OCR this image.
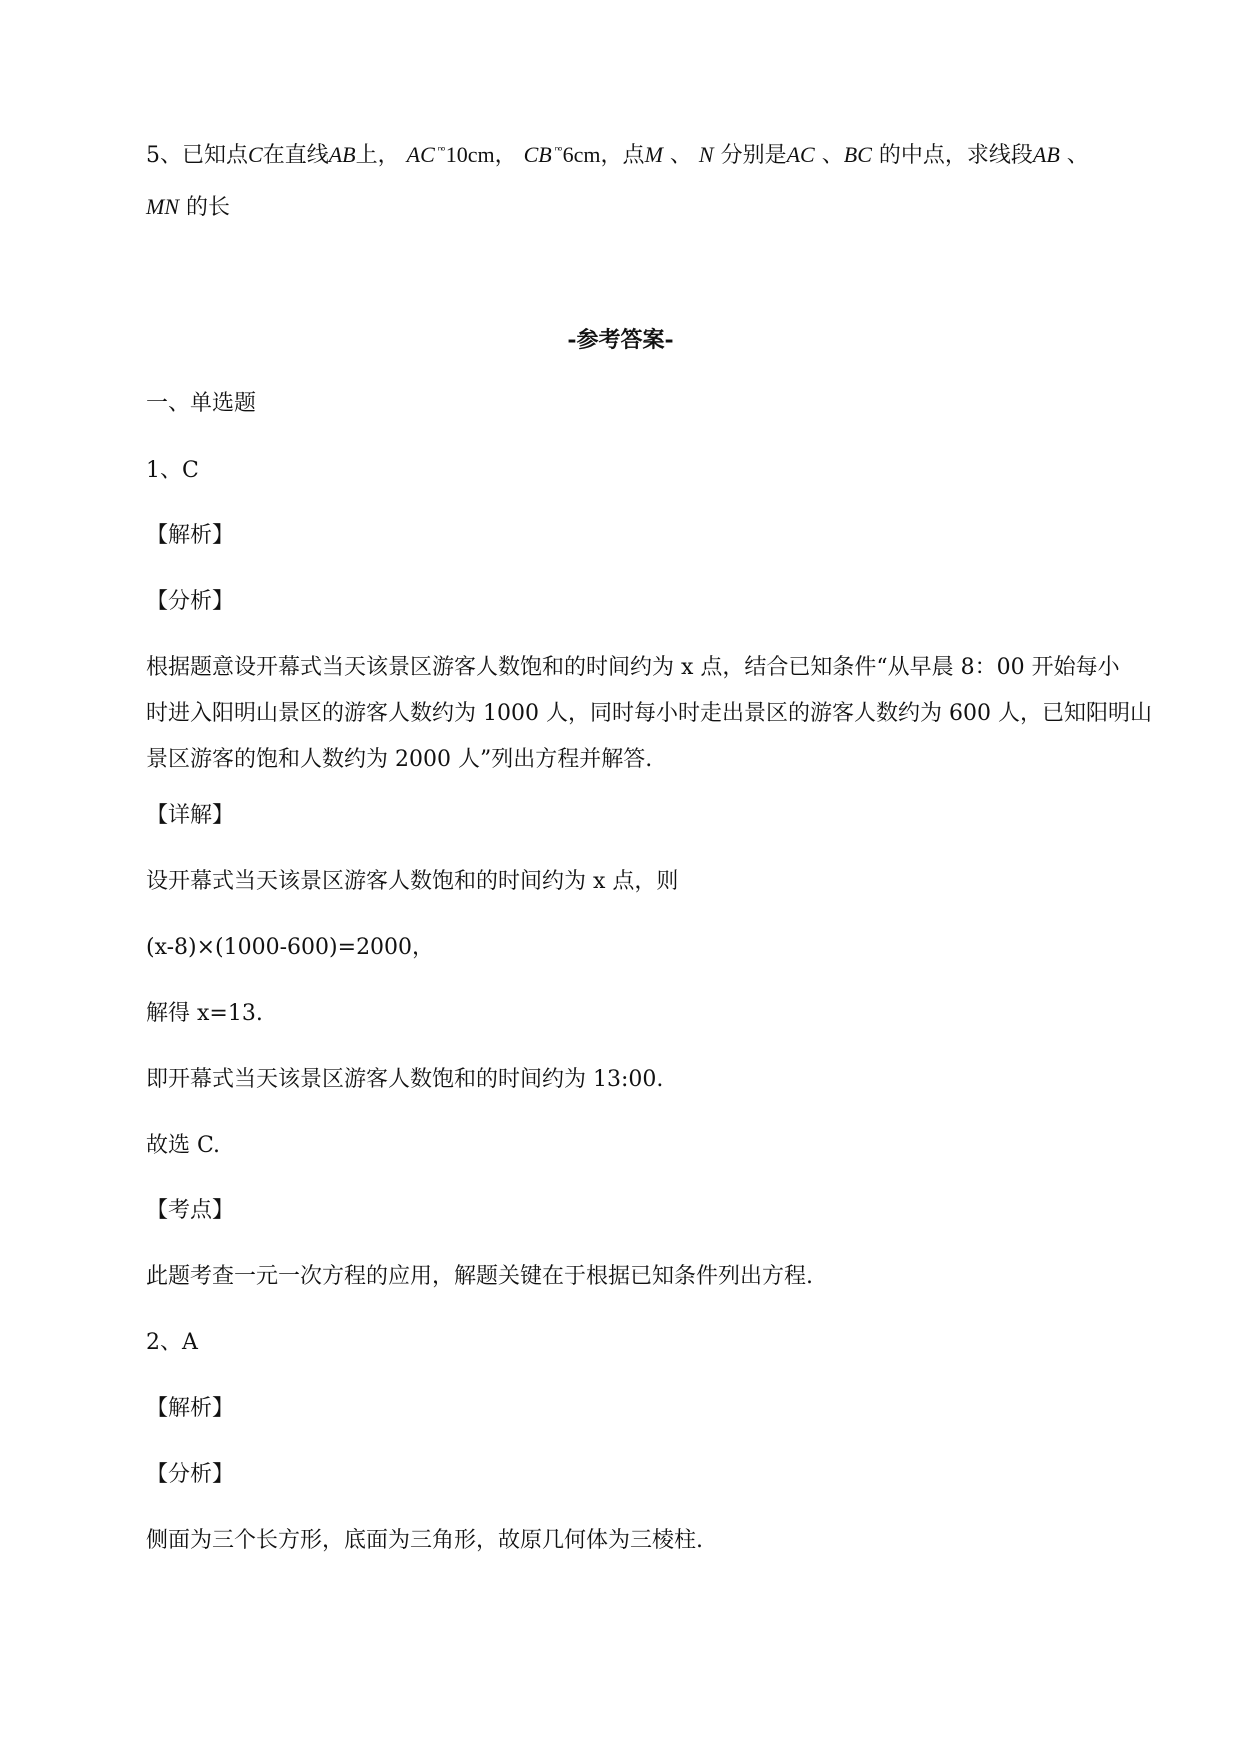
5、已知点C在直线AB上， AC $^{^nᵒ}$10cm， CB $^{^nᵒ}$6cm，点M 、 N 分别是AC 、BC 的中点，求线段AB 、
MN 的长
-参考答案-
一、单选题
1、C
【解析】
【分析】
根据题意设开幕式当天该景区游客人数饱和的时间约为 x 点，结合已知条件“从早晨 8：00 开始每小
时进入阳明山景区的游客人数约为 1000 人，同时每小时走出景区的游客人数约为 600 人，已知阳明山
景区游客的饱和人数约为 2000 人”列出方程并解答.
【详解】
设开幕式当天该景区游客人数饱和的时间约为 x 点，则
(x-8)×(1000-600)=2000，
解得 x=13.
即开幕式当天该景区游客人数饱和的时间约为 13:00.
故选 C.
【考点】
此题考查一元一次方程的应用，解题关键在于根据已知条件列出方程.
2、A
【解析】
【分析】
侧面为三个长方形，底面为三角形，故原几何体为三棱柱.
